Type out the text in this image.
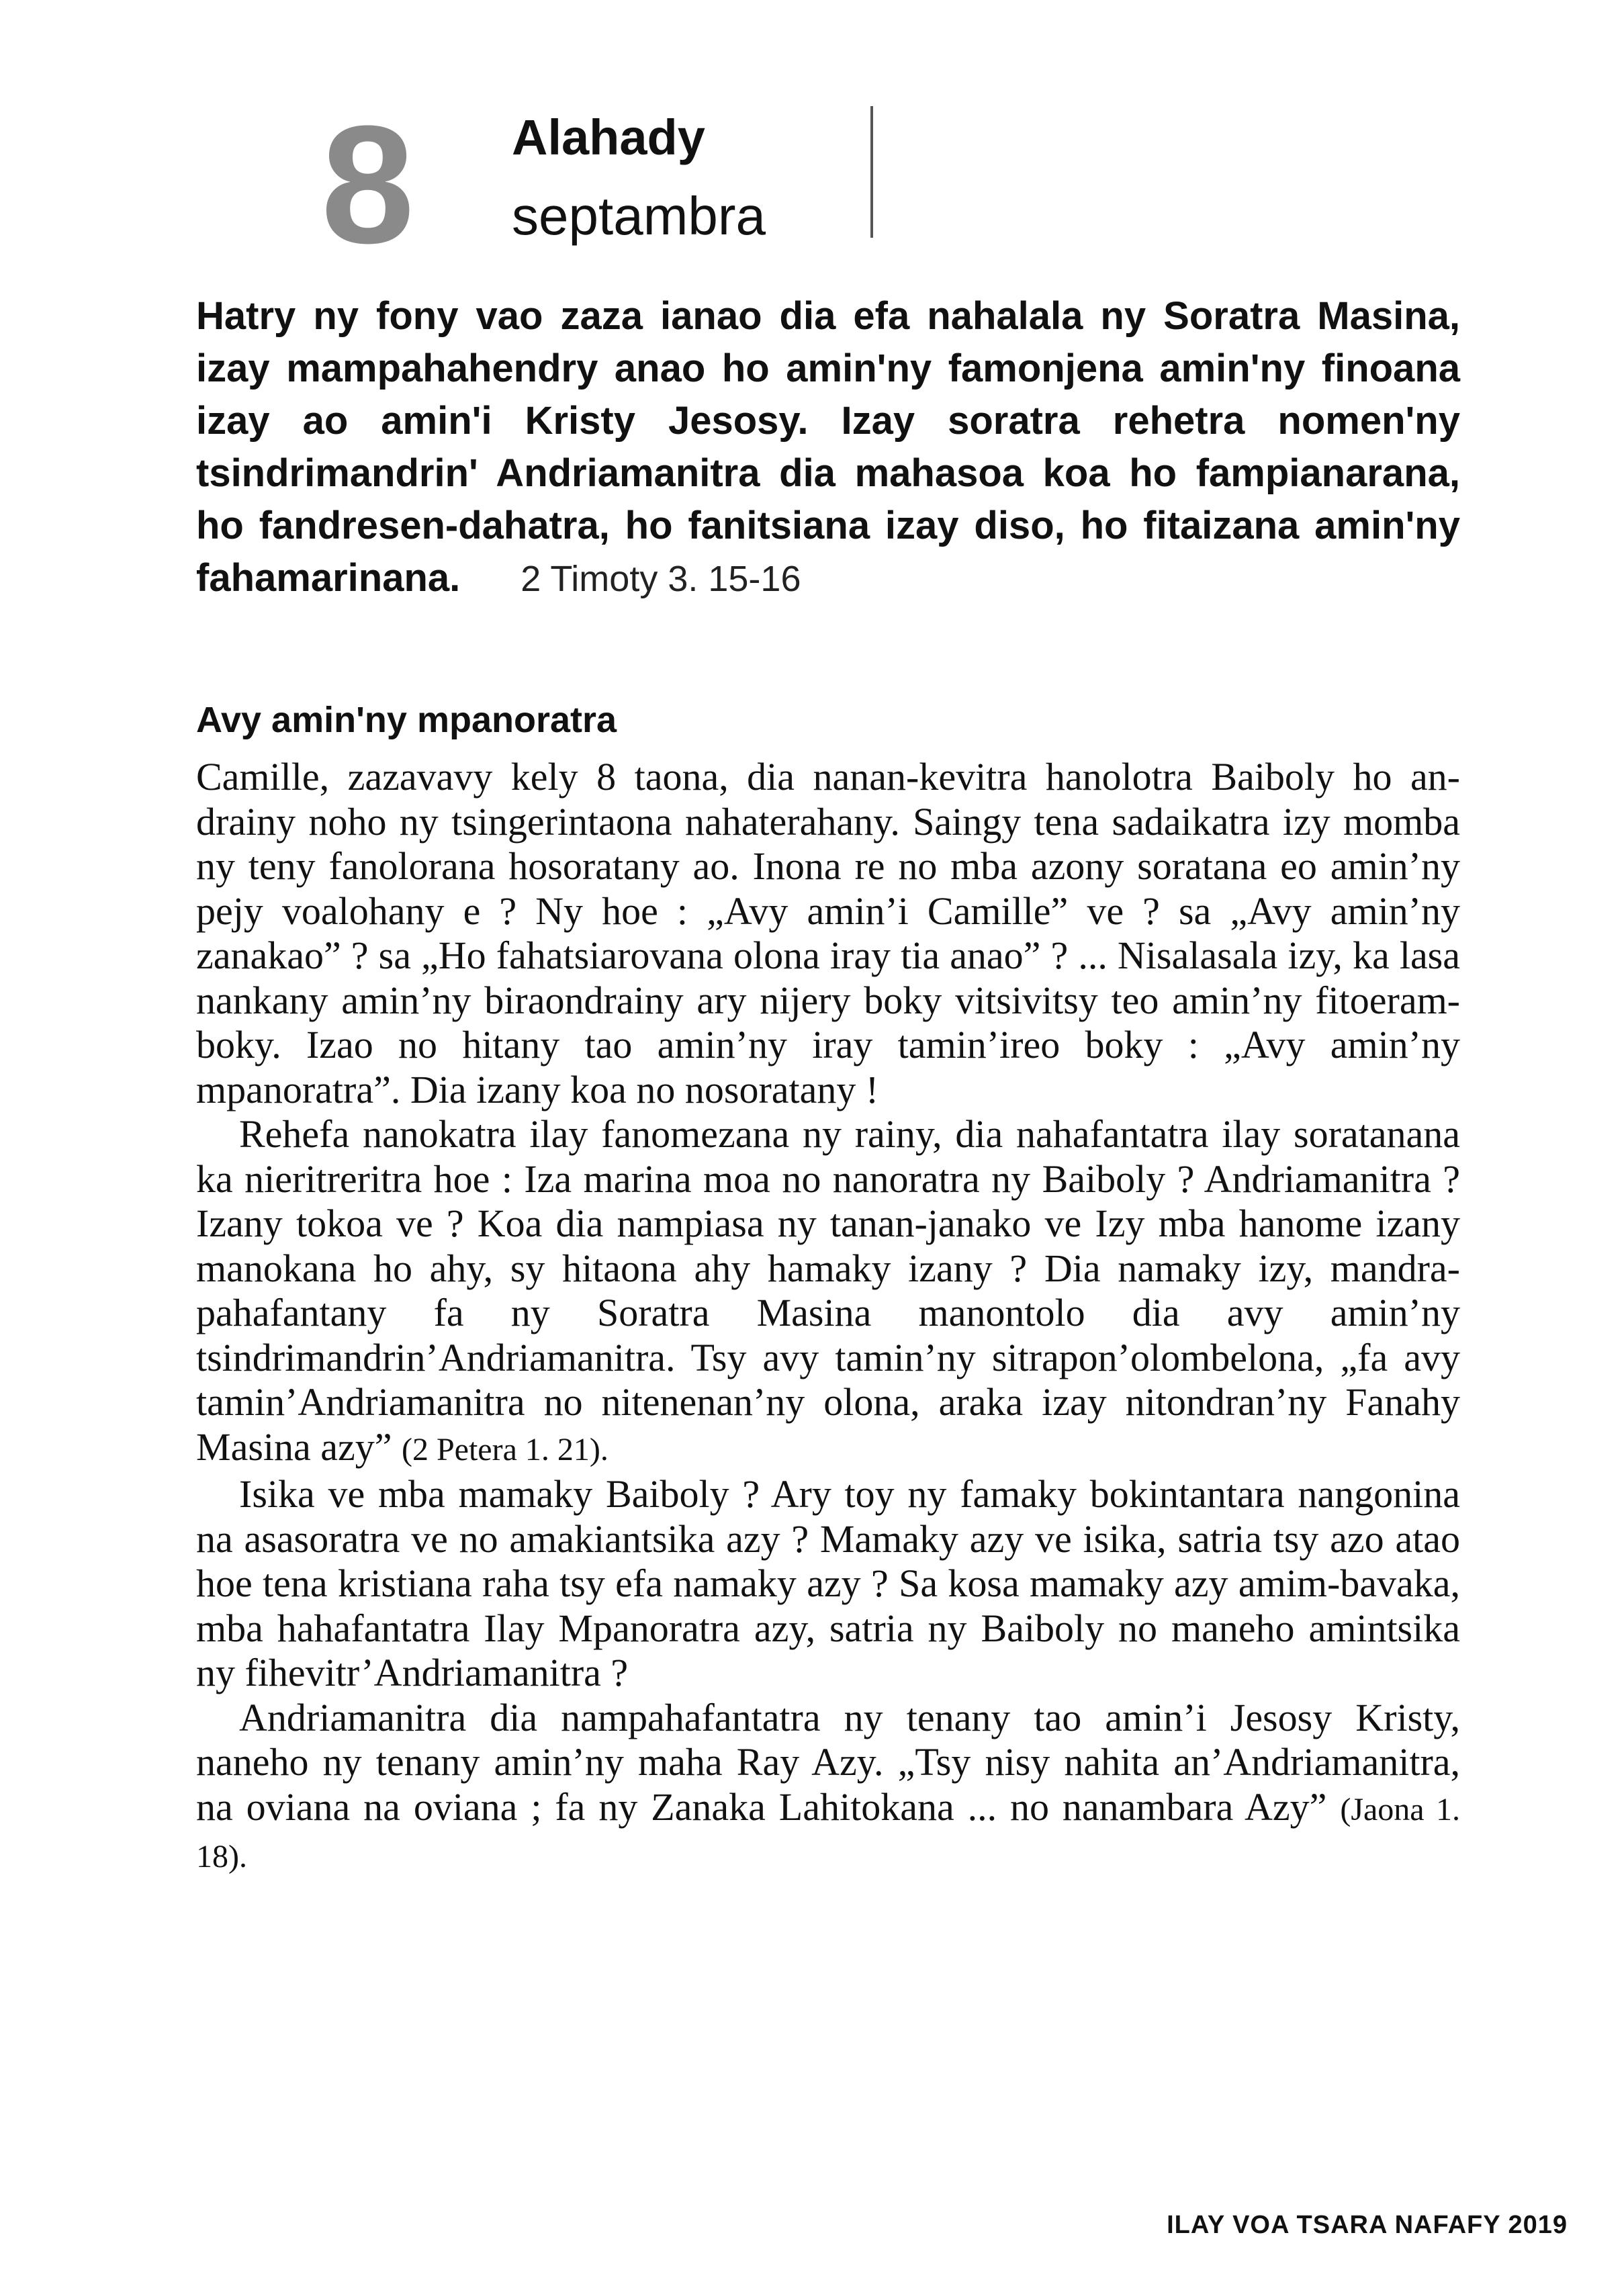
8 Alahady
septambra
Hatry ny fony vao zaza ianao dia efa nahalala ny Soratra Masina, izay mampahahendry anao ho amin'ny famonjena amin'ny finoana izay ao amin'i Kristy Jesosy. Izay soratra rehetra nomen'ny tsindrimandrin' Andriamanitra dia mahasoa koa ho fampianarana, ho fandresen-dahatra, ho fanitsiana izay diso, ho fitaizana amin'ny fahamarinana. 2 Timoty 3. 15-16
Avy amin'ny mpanoratra

Camille, zazavavy kely 8 taona, dia nanan-kevitra hanolotra Baiboly ho an-drainy noho ny tsingerintaona nahaterahany. Saingy tena sadaikatra izy momba ny teny fanolorana hosoratany ao. Inona re no mba azony soratana eo amin’ny pejy voalohany e ? Ny hoe : „Avy amin’i Camille” ve ? sa „Avy amin’ny zanakao” ? sa „Ho fahatsiarovana olona iray tia anao” ? ... Nisalasala izy, ka lasa nankany amin’ny biraondrainy ary nijery boky vitsivitsy teo amin’ny fitoeram-boky. Izao no hitany tao amin’ny iray tamin’ireo boky : „Avy amin’ny mpanoratra”. Dia izany koa no nosoratany !

Rehefa nanokatra ilay fanomezana ny rainy, dia nahafantatra ilay soratanana ka nieritreritra hoe : Iza marina moa no nanoratra ny Baiboly ? Andriamanitra ? Izany tokoa ve ? Koa dia nampiasa ny tanan-janako ve Izy mba hanome izany manokana ho ahy, sy hitaona ahy hamaky izany ? Dia namaky izy, mandra-pahafantany fa ny Soratra Masina manontolo dia avy amin’ny tsindrimandrin’Andriamanitra. Tsy avy tamin’ny sitrapon’olombelona, „fa avy tamin’Andriamanitra no nitenenan’ny olona, araka izay nitondran’ny Fanahy Masina azy” (2 Petera 1. 21).

Isika ve mba mamaky Baiboly ? Ary toy ny famaky bokintantara nangonina na asasoratra ve no amakiantsika azy ? Mamaky azy ve isika, satria tsy azo atao hoe tena kristiana raha tsy efa namaky azy ? Sa kosa mamaky azy amim-bavaka, mba hahafantatra Ilay Mpanoratra azy, satria ny Baiboly no maneho amintsika ny fihevitr’Andriamanitra ?

Andriamanitra dia nampahafantatra ny tenany tao amin’i Jesosy Kristy, naneho ny tenany amin’ny maha Ray Azy. „Tsy nisy nahita an’Andriamanitra, na oviana na oviana ; fa ny Zanaka Lahitokana ... no nanambara Azy” (Jaona 1. 18).

ILAY VOA TSARA NAFAFY 2019
